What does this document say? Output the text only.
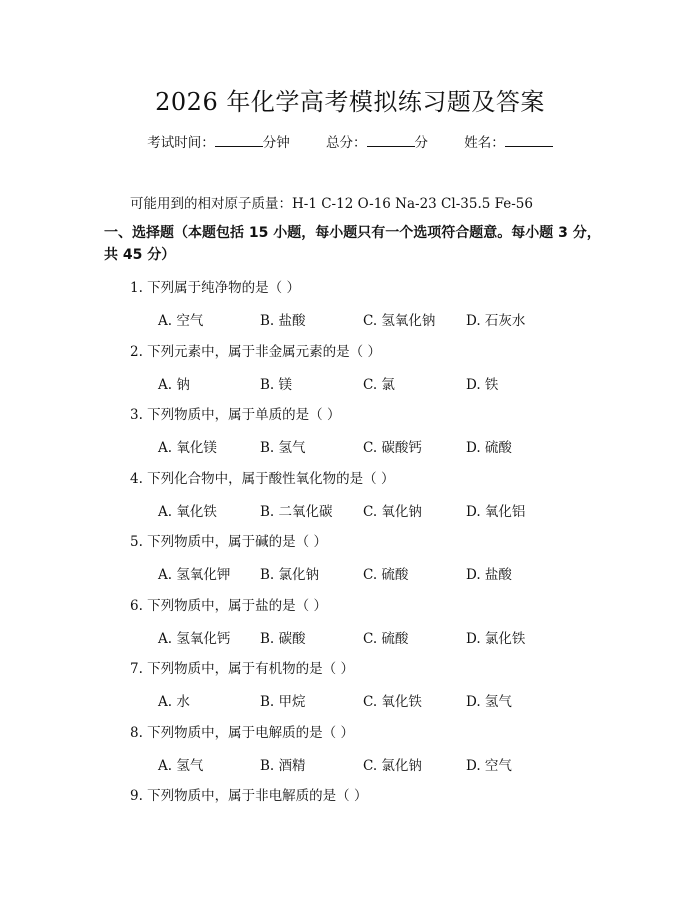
2026 年化学高考模拟练习题及答案
考试时间：	分钟	总分：	分	姓名：
可能用到的相对原子质量：H-1 C-12 O-16 Na-23 Cl-35.5 Fe-56
一、选择题（本题包括 15 小题，每小题只有一个选项符合题意。每小题 3 分，共 45 分）
1. 下列属于纯净物的是（ ）
A. 空气	B. 盐酸	C. 氢氧化钠 D. 石灰水
2. 下列元素中，属于非金属元素的是（ ）
A. 钠	B. 镁	C. 氯	D. 铁
3. 下列物质中，属于单质的是（ ）
A. 氧化镁	B. 氢气	C. 碳酸钙	D. 硫酸
4. 下列化合物中，属于酸性氧化物的是（ ）
A. 氧化铁	B. 二氧化碳 C. 氧化钠	D. 氧化铝
5. 下列物质中，属于碱的是（ ）
A. 氢氧化钾 B. 氯化钠	C. 硫酸	D. 盐酸
6. 下列物质中，属于盐的是（ ）
A. 氢氧化钙 B. 碳酸	C. 硫酸	D. 氯化铁
7. 下列物质中，属于有机物的是（ ）
A. 水	B. 甲烷	C. 氧化铁	D. 氢气
8. 下列物质中，属于电解质的是（ ）
A. 氢气	B. 酒精	C. 氯化钠	D. 空气
9. 下列物质中，属于非电解质的是（ ）
